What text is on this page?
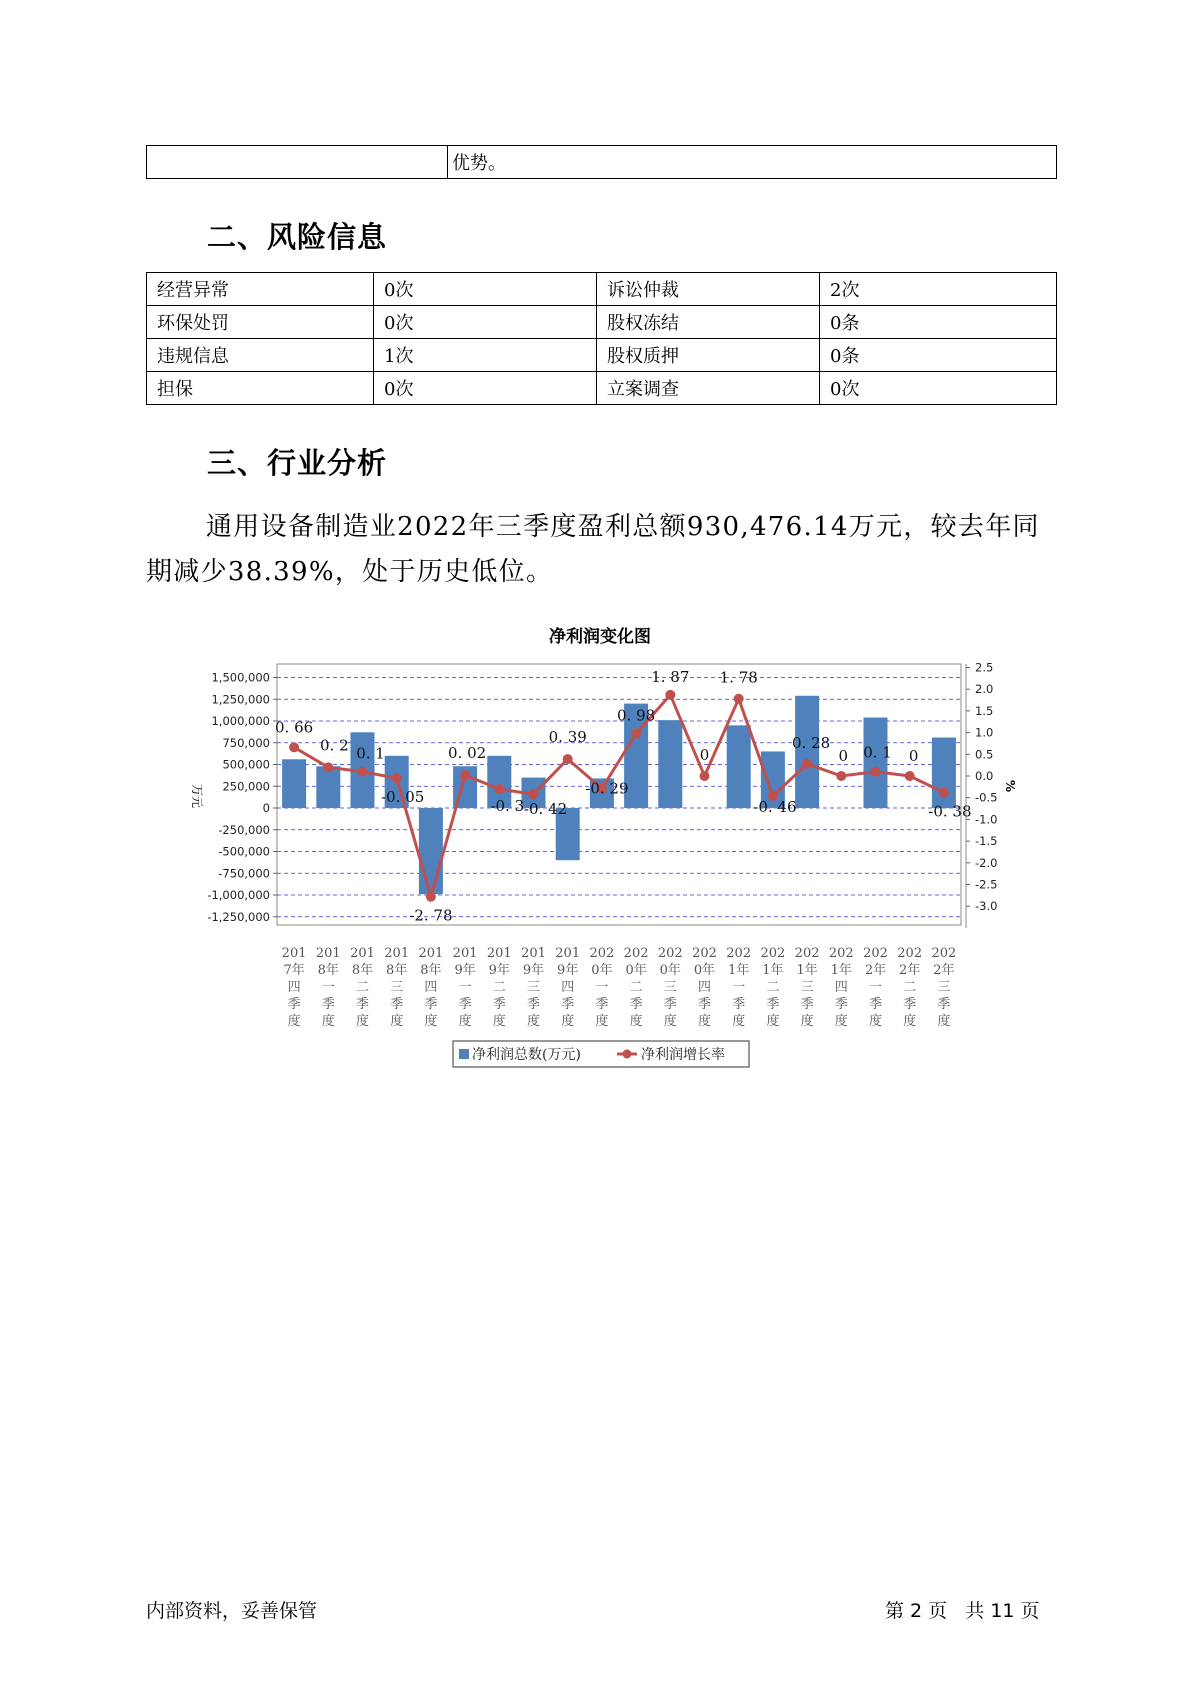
	优势。
二、风险信息
经营异常	0次	诉讼仲裁	2次
环保处罚	0次	股权冻结	0条
违规信息	1次	股权质押	0条
担保	0次	立案调查	0次
三、行业分析

通用设备制造业2022年三季度盈利总额930,476.14万元，较去年同期减少38.39%，处于历史低位。

净利润变化图
1,500,000
1,250,000
1,000,000
750,000
500,000
250,000
0
-250,000
-500,000
-750,000
-1,000,000
-1,250,000
2.5
2.0
1.5
1.0
0.5
0.0
-0.5
-1.0
-1.5
-2.0
-2.5
-3.0
万元	%
0. 66
0. 2 0. 1
-0. 05
-2. 78
0. 02
-0. 3 -0. 42
0. 39
-0. 29
0. 98
1. 87
0
1. 78
-0. 46
0. 28
0 0. 1 0
-0. 38
201
7年
四
季
度
201
8年
一
季
度
201
8年
二
季
度
201
8年
三
季
度
201
8年
四
季
度
201
9年
一
季
度
201
9年
二
季
度
201
9年
三
季
度
201
9年
四
季
度
202
0年
一
季
度
202
0年
二
季
度
202
0年
三
季
度
202
0年
四
季
度
202
1年
一
季
度
202
1年
二
季
度
202
1年
三
季
度
202
1年
四
季
度
202
2年
一
季
度
202
2年
二
季
度
202
2年
三
季
度
净利润总数(万元)	净利润增长率
内部资料，妥善保管	第 2 页   共 11 页
